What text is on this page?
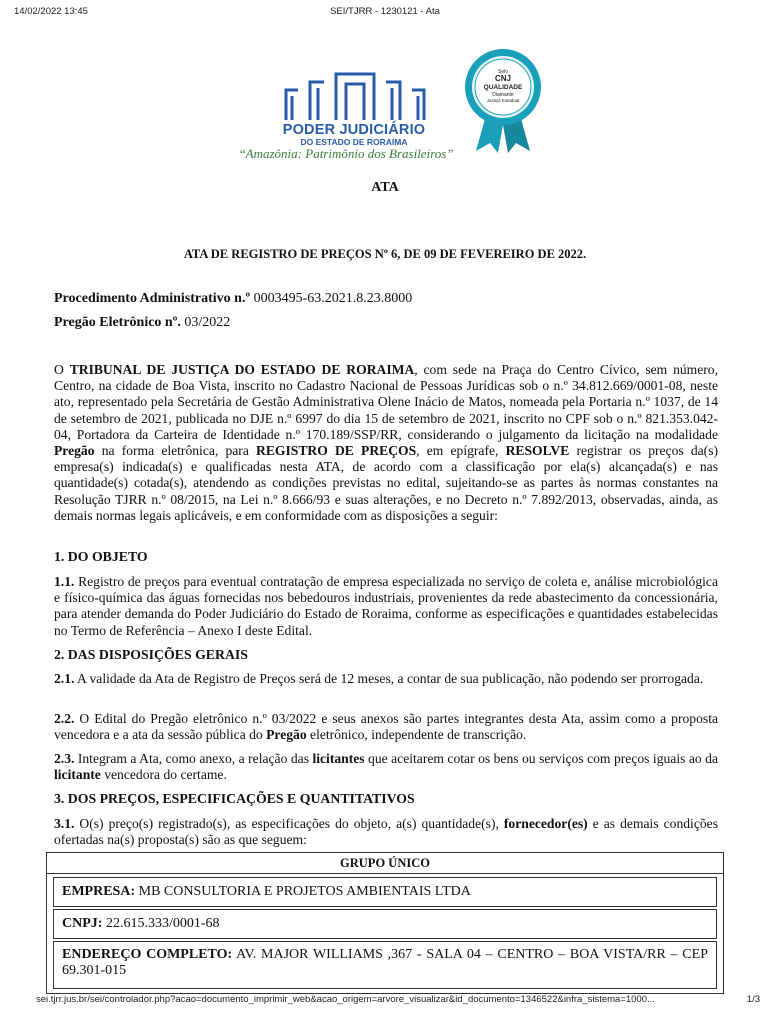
14/02/2022 13:45	SEI/TJRR - 1230121 - Ata
PODER JUDICIÁRIO
DO ESTADO DE RORAIMA
“Amazônia: Patrimônio dos Brasileiros”
Selo
CNJ
QUALIDADE
Diamante
Justiça Estadual
ATA
ATA DE REGISTRO DE PREÇOS Nº 6, DE 09 DE FEVEREIRO DE 2022.
Procedimento Administrativo n.º 0003495-63.2021.8.23.8000
Pregão Eletrônico nº. 03/2022
O TRIBUNAL DE JUSTIÇA DO ESTADO DE RORAIMA, com sede na Praça do Centro Cívico, sem número, Centro, na cidade de Boa Vista, inscrito no Cadastro Nacional de Pessoas Jurídicas sob o n.º 34.812.669/0001-08, neste ato, representado pela Secretária de Gestão Administrativa Olene Inácio de Matos, nomeada pela Portaria n.º 1037, de 14 de setembro de 2021, publicada no DJE n.º 6997 do dia 15 de setembro de 2021, inscrito no CPF sob o n.º 821.353.042-04, Portadora da Carteira de Identidade n.º 170.189/SSP/RR, considerando o julgamento da licitação na modalidade Pregão na forma eletrônica, para REGISTRO DE PREÇOS, em epígrafe, RESOLVE registrar os preços da(s) empresa(s) indicada(s) e qualificadas nesta ATA, de acordo com a classificação por ela(s) alcançada(s) e nas quantidade(s) cotada(s), atendendo as condições previstas no edital, sujeitando-se as partes às normas constantes na Resolução TJRR n.º 08/2015, na Lei n.º 8.666/93 e suas alterações, e no Decreto n.º 7.892/2013, observadas, ainda, as demais normas legais aplicáveis, e em conformidade com as disposições a seguir:
1. DO OBJETO
1.1. Registro de preços para eventual contratação de empresa especializada no serviço de coleta e, análise microbiológica e físico-química das águas fornecidas nos bebedouros industriais, provenientes da rede abastecimento da concessionária, para atender demanda do Poder Judiciário do Estado de Roraima, conforme as especificações e quantidades estabelecidas no Termo de Referência – Anexo I deste Edital.
2. DAS DISPOSIÇÕES GERAIS
2.1. A validade da Ata de Registro de Preços será de 12 meses, a contar de sua publicação, não podendo ser prorrogada.
2.2. O Edital do Pregão eletrônico n.º 03/2022 e seus anexos são partes integrantes desta Ata, assim como a proposta vencedora e a ata da sessão pública do Pregão eletrônico, independente de transcrição.
2.3. Integram a Ata, como anexo, a relação das licitantes que aceitarem cotar os bens ou serviços com preços iguais ao da licitante vencedora do certame.
3. DOS PREÇOS, ESPECIFICAÇÕES E QUANTITATIVOS
3.1. O(s) preço(s) registrado(s), as especificações do objeto, a(s) quantidade(s), fornecedor(es) e as demais condições ofertadas na(s) proposta(s) são as que seguem:
GRUPO ÚNICO
EMPRESA: MB CONSULTORIA E PROJETOS AMBIENTAIS LTDA
CNPJ: 22.615.333/0001-68
ENDEREÇO COMPLETO: AV. MAJOR WILLIAMS ,367 - SALA 04 – CENTRO – BOA VISTA/RR – CEP 69.301-015
sei.tjrr.jus.br/sei/controlador.php?acao=documento_imprimir_web&acao_origem=arvore_visualizar&id_documento=1346522&infra_sistema=1000...	1/3
